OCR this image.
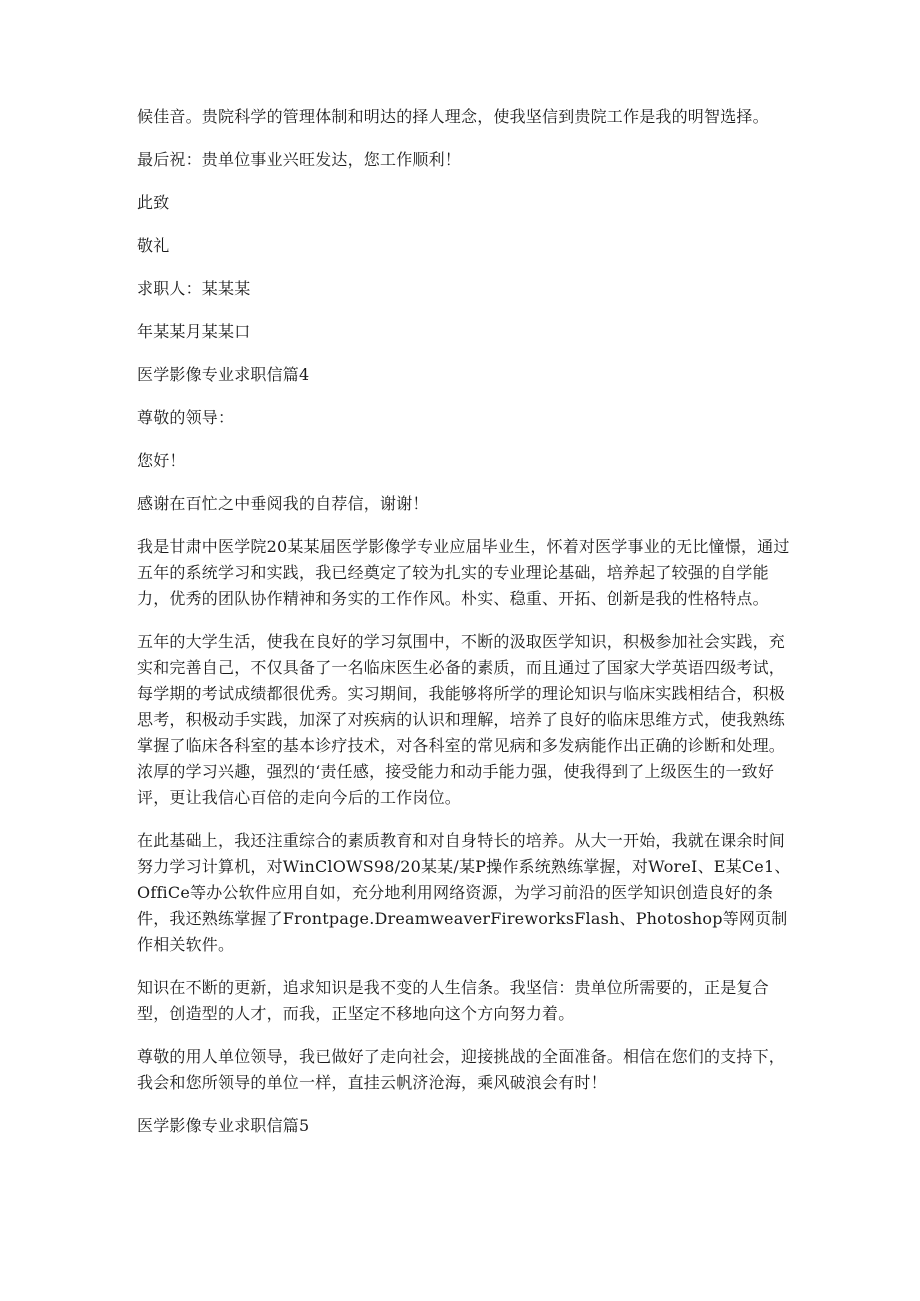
候佳音。贵院科学的管理体制和明达的择人理念，使我坚信到贵院工作是我的明智选择。

最后祝：贵单位事业兴旺发达，您工作顺利！

此致

敬礼

求职人：某某某

年某某月某某口

医学影像专业求职信篇4

尊敬的领导：

您好！

感谢在百忙之中垂阅我的自荐信，谢谢！

我是甘肃中医学院20某某届医学影像学专业应届毕业生，怀着对医学事业的无比憧憬，通过五年的系统学习和实践，我已经奠定了较为扎实的专业理论基础，培养起了较强的自学能力，优秀的团队协作精神和务实的工作作风。朴实、稳重、开拓、创新是我的性格特点。

五年的大学生活，使我在良好的学习氛围中，不断的汲取医学知识，积极参加社会实践，充实和完善自己，不仅具备了一名临床医生必备的素质，而且通过了国家大学英语四级考试，每学期的考试成绩都很优秀。实习期间，我能够将所学的理论知识与临床实践相结合，积极思考，积极动手实践，加深了对疾病的认识和理解，培养了良好的临床思维方式，使我熟练掌握了临床各科室的基本诊疗技术，对各科室的常见病和多发病能作出正确的诊断和处理。浓厚的学习兴趣，强烈的‘责任感，接受能力和动手能力强，使我得到了上级医生的一致好评，更让我信心百倍的走向今后的工作岗位。

在此基础上，我还注重综合的素质教育和对自身特长的培养。从大一开始，我就在课余时间努力学习计算机，对WinClOWS98/20某某/某P操作系统熟练掌握，对WoreI、E某Ce1、OffiCe等办公软件应用自如，充分地利用网络资源，为学习前沿的医学知识创造良好的条件，我还熟练掌握了Frontpage.DreamweaverFireworksFlash、Photoshop等网页制作相关软件。

知识在不断的更新，追求知识是我不变的人生信条。我坚信：贵单位所需要的，正是复合型，创造型的人才，而我，正坚定不移地向这个方向努力着。

尊敬的用人单位领导，我已做好了走向社会，迎接挑战的全面准备。相信在您们的支持下，我会和您所领导的单位一样，直挂云帆济沧海，乘风破浪会有时！

医学影像专业求职信篇5
